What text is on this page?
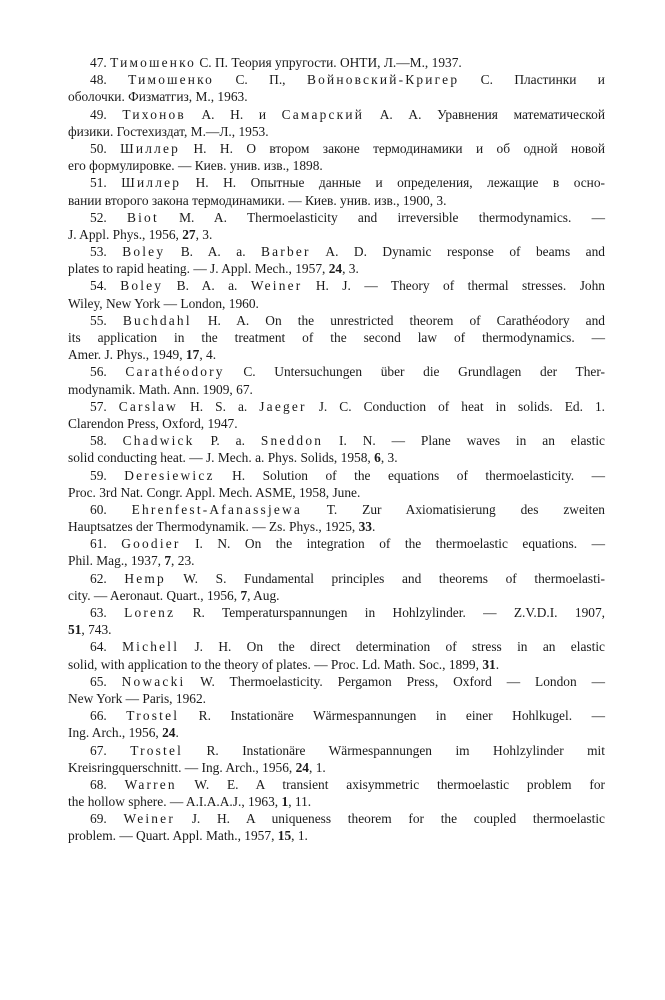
47. Тимошенко С. П. Теория упругости. ОНТИ, Л.—М., 1937.
48. Тимошенко С. П., Войновский-Кригер С. Пластинки и
оболочки. Физматгиз, М., 1963.
49. Тихонов А. Н. и Самарский А. А. Уравнения математической
физики. Гостехиздат, М.—Л., 1953.
50. Шиллер Н. Н. О втором законе термодинамики и об одной новой
его формулировке. — Киев. унив. изв., 1898.
51. Шиллер Н. Н. Опытные данные и определения, лежащие в осно-
вании второго закона термодинамики. — Киев. унив. изв., 1900, 3.
52. Biot M. A. Thermoelasticity and irreversible thermodynamics. —
J. Appl. Phys., 1956, 27, 3.
53. Boley B. A. a. Barber A. D. Dynamic response of beams and
plates to rapid heating. — J. Appl. Mech., 1957, 24, 3.
54. Boley B. A. a. Weiner H. J. — Theory of thermal stresses. John
Wiley, New York — London, 1960.
55. Buchdahl H. A. On the unrestricted theorem of Carathéodory and
its application in the treatment of the second law of thermodynamics. —
Amer. J. Phys., 1949, 17, 4.
56. Carathéodory C. Untersuchungen über die Grundlagen der Ther-
modynamik. Math. Ann. 1909, 67.
57. Carslaw H. S. a. Jaeger J. C. Conduction of heat in solids. Ed. 1.
Clarendon Press, Oxford, 1947.
58. Chadwick P. a. Sneddon I. N. — Plane waves in an elastic
solid conducting heat. — J. Mech. a. Phys. Solids, 1958, 6, 3.
59. Deresiewicz H. Solution of the equations of thermoelasticity. —
Proc. 3rd Nat. Congr. Appl. Mech. ASME, 1958, June.
60. Ehrenfest-Afanassjewa T. Zur Axiomatisierung des zweiten
Hauptsatzes der Thermodynamik. — Zs. Phys., 1925, 33.
61. Goodier I. N. On the integration of the thermoelastic equations. —
Phil. Mag., 1937, 7, 23.
62. Hemp W. S. Fundamental principles and theorems of thermoelasti-
city. — Aeronaut. Quart., 1956, 7, Aug.
63. Lorenz R. Temperaturspannungen in Hohlzylinder. — Z.V.D.I. 1907,
51, 743.
64. Michell J. H. On the direct determination of stress in an elastic
solid, with application to the theory of plates. — Proc. Ld. Math. Soc., 1899, 31.
65. Nowacki W. Thermoelasticity. Pergamon Press, Oxford — London —
New York — Paris, 1962.
66. Trostel R. Instationäre Wärmespannungen in einer Hohlkugel. —
Ing. Arch., 1956, 24.
67. Trostel R. Instationäre Wärmespannungen im Hohlzylinder mit
Kreisringquerschnitt. — Ing. Arch., 1956, 24, 1.
68. Warren W. E. A transient axisymmetric thermoelastic problem for
the hollow sphere. — A.I.A.A.J., 1963, 1, 11.
69. Weiner J. H. A uniqueness theorem for the coupled thermoelastic
problem. — Quart. Appl. Math., 1957, 15, 1.
